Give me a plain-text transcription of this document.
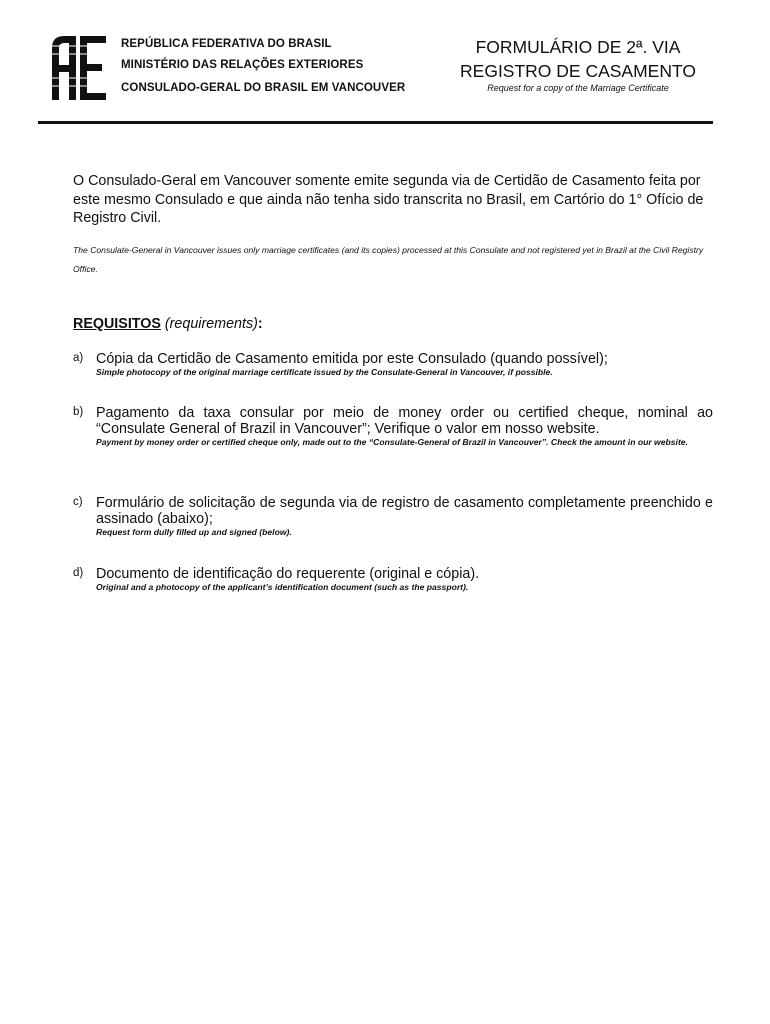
REPÚBLICA FEDERATIVA DO BRASIL
MINISTÉRIO DAS RELAÇÕES EXTERIORES
CONSULADO-GERAL DO BRASIL EM VANCOUVER
FORMULÁRIO DE 2ª. VIA
REGISTRO DE CASAMENTO
Request for a copy of the Marriage Certificate
O Consulado-Geral em Vancouver somente emite segunda via de Certidão de Casamento feita por este mesmo Consulado e que ainda não tenha sido transcrita no Brasil, em Cartório do 1° Ofício de Registro Civil.
The Consulate-General in Vancouver issues only marriage certificates (and its copies) processed at this Consulate and not registered yet in Brazil at the Civil Registry Office.
REQUISITOS (requirements):
a) Cópia da Certidão de Casamento emitida por este Consulado (quando possível);
Simple photocopy of the original marriage certificate issued by the Consulate-General in Vancouver, if possible.
b) Pagamento da taxa consular por meio de money order ou certified cheque, nominal ao “Consulate General of Brazil in Vancouver”; Verifique o valor em nosso website.
Payment by money order or certified cheque only, made out to the “Consulate-General of Brazil in Vancouver”. Check the amount in our website.
c) Formulário de solicitação de segunda via de registro de casamento completamente preenchido e assinado (abaixo);
Request form dully filled up and signed (below).
d) Documento de identificação do requerente (original e cópia).
Original and a photocopy of the applicant’s identification document (such as the passport).
